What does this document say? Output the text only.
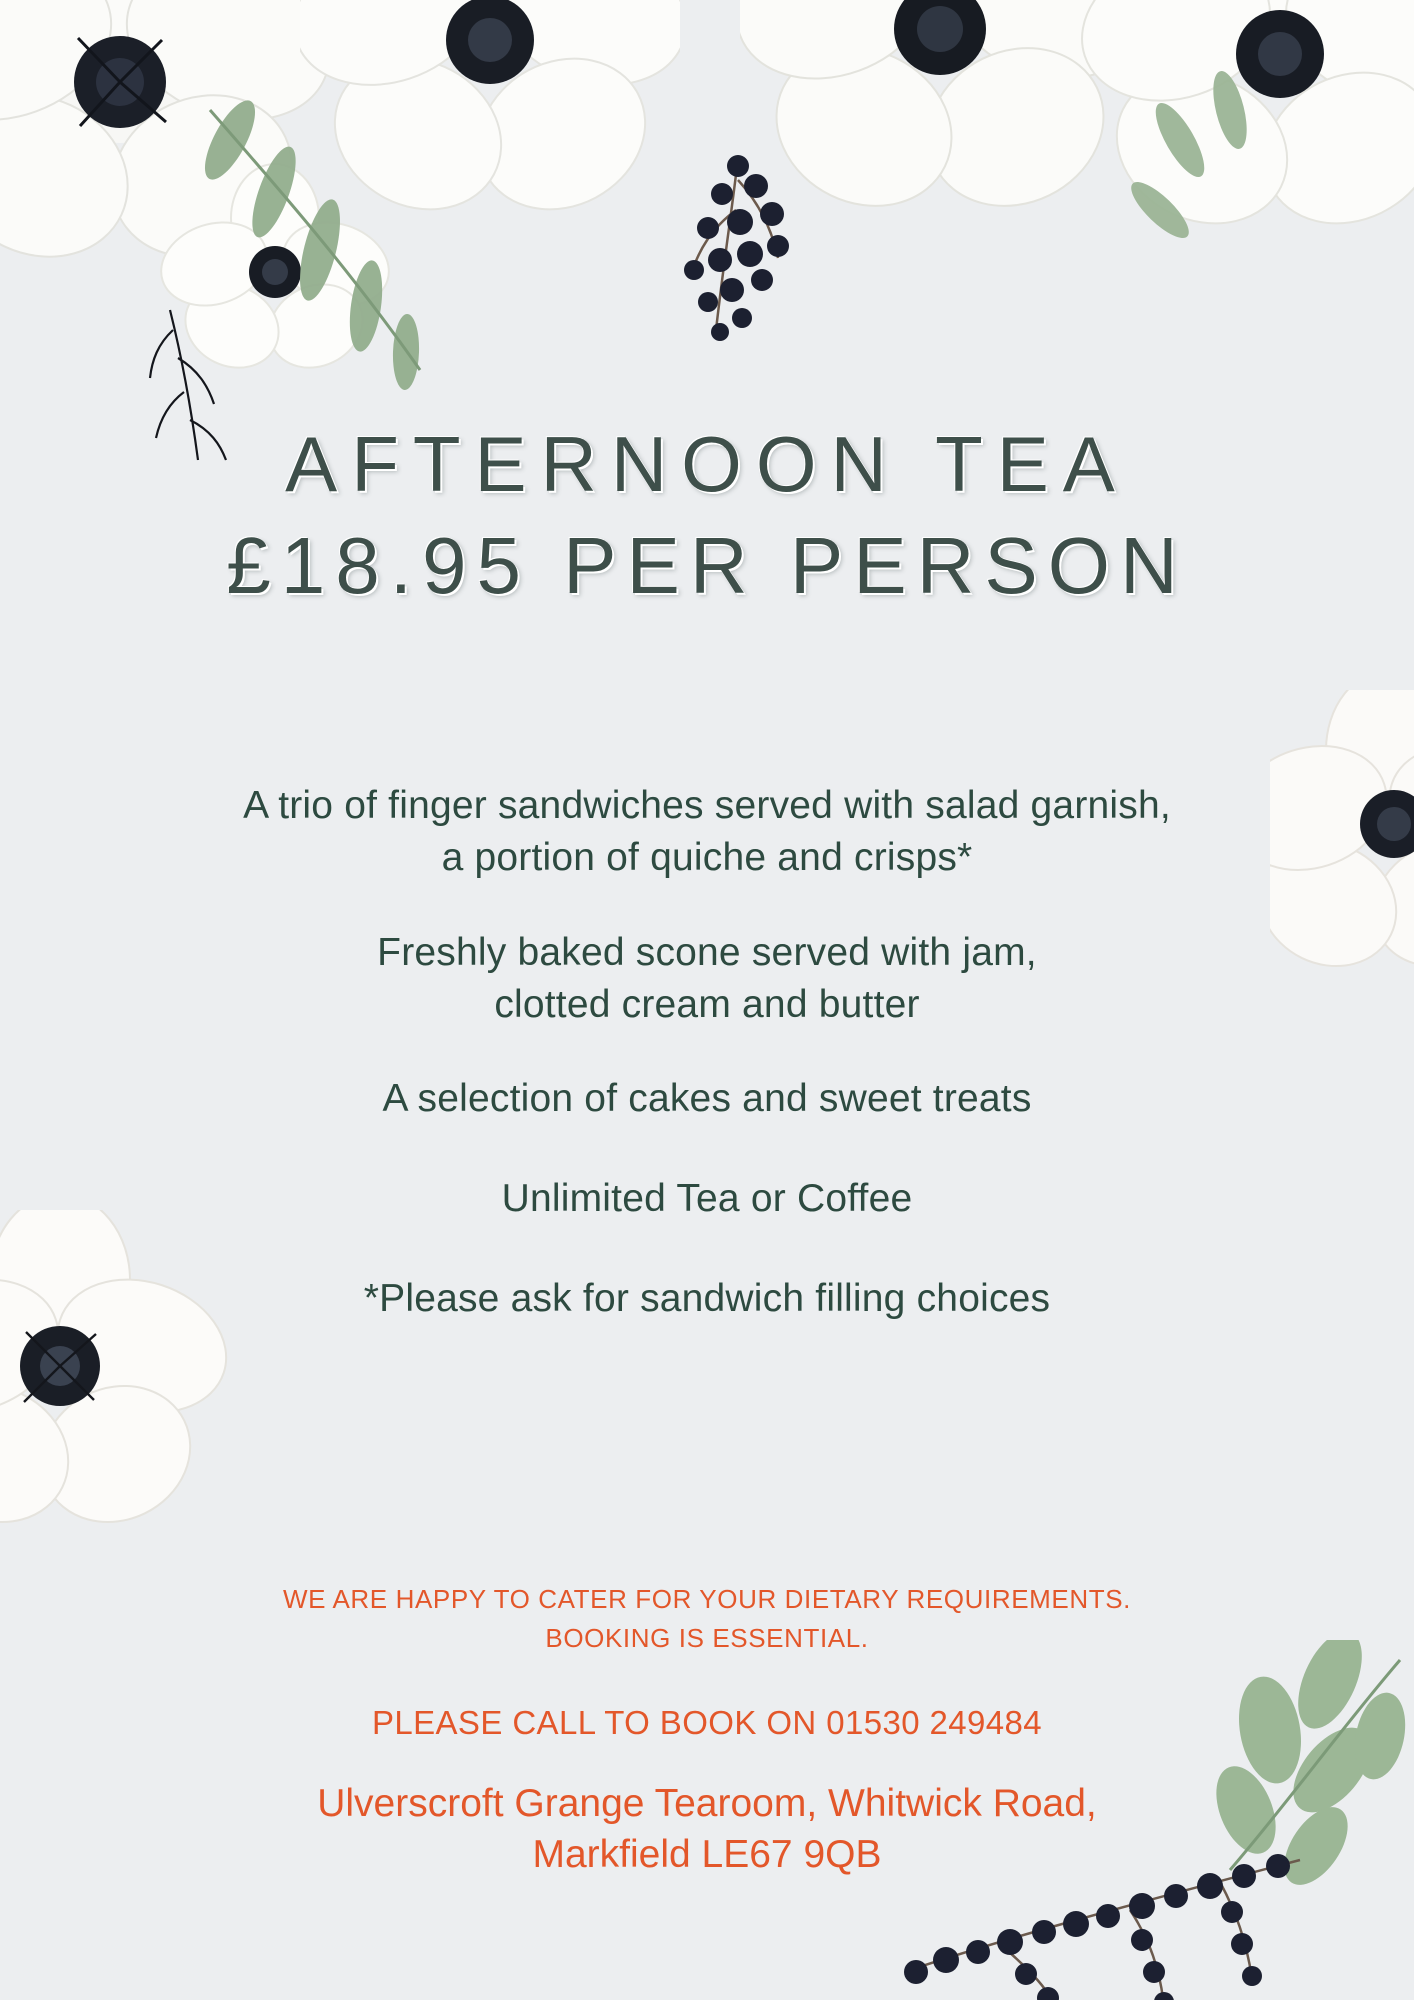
AFTERNOON TEA
£18.95 PER PERSON
A trio of finger sandwiches served with salad garnish,
a portion of quiche and crisps*
Freshly baked scone served with jam,
clotted cream and butter
A selection of cakes and sweet treats
Unlimited Tea or Coffee
*Please ask for sandwich filling choices
WE ARE HAPPY TO CATER FOR YOUR DIETARY REQUIREMENTS.
BOOKING IS ESSENTIAL.
PLEASE CALL TO BOOK ON 01530 249484
Ulverscroft Grange Tearoom, Whitwick Road,
Markfield LE67 9QB
